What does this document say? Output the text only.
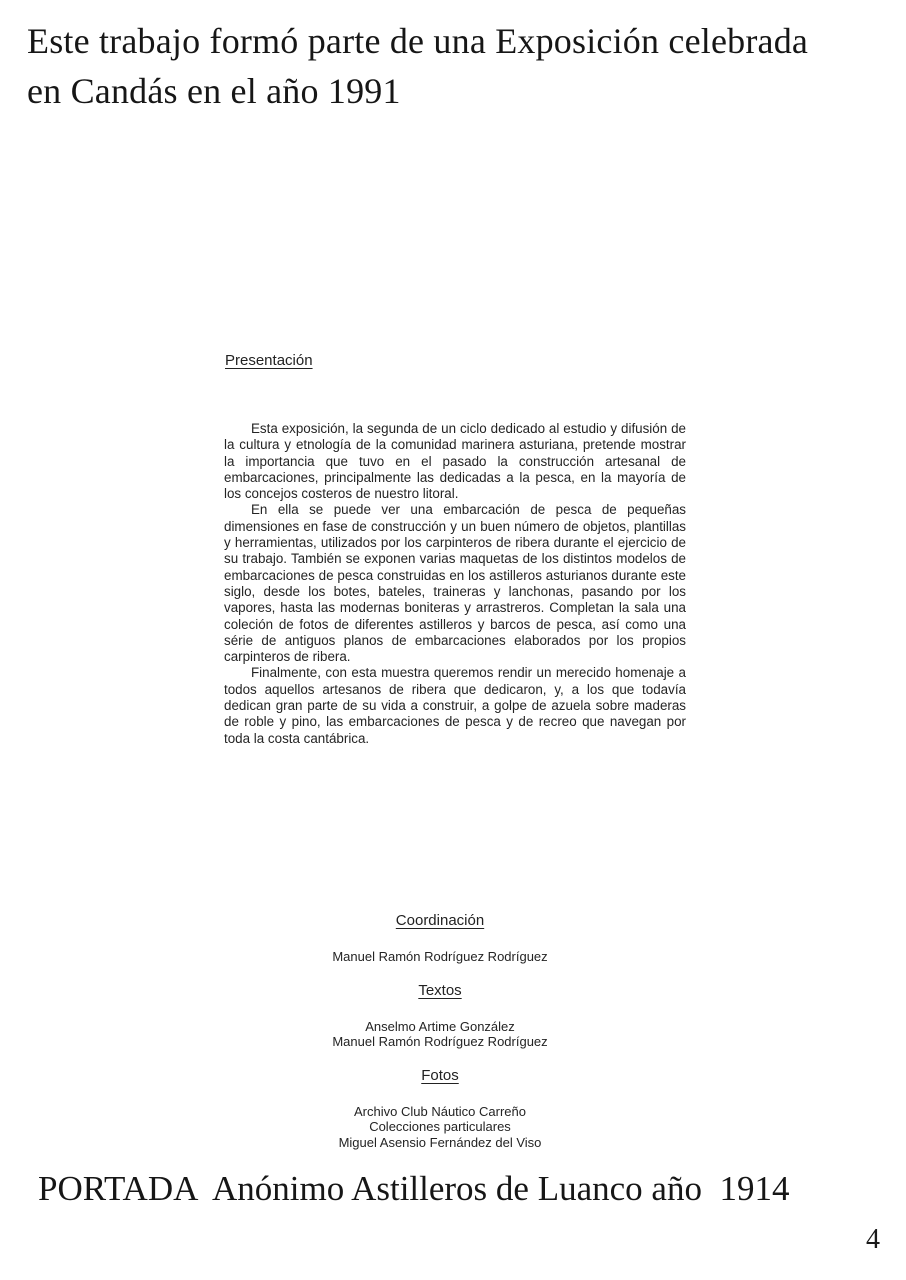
Este trabajo formó parte de una Exposición celebrada
en Candás en el año 1991
Presentación

Esta exposición, la segunda de un ciclo dedicado al estudio y difusión de la cultura y etnología de la comunidad marinera asturiana, pretende mostrar la importancia que tuvo en el pasado la construcción artesanal de embarcaciones, principalmente las dedicadas a la pesca, en la mayoría de los concejos costeros de nuestro litoral.

En ella se puede ver una embarcación de pesca de pequeñas dimensiones en fase de construcción y un buen número de objetos, plantillas y herramientas, utilizados por los carpinteros de ribera durante el ejercicio de su trabajo. También se exponen varias maquetas de los distintos modelos de embarcaciones de pesca construidas en los astilleros asturianos durante este siglo, desde los botes, bateles, traineras y lanchonas, pasando por los vapores, hasta las modernas boniteras y arrastreros. Completan la sala una coleción de fotos de diferentes astilleros y barcos de pesca, así como una série de antiguos planos de embarcaciones elaborados por los propios carpinteros de ribera.

Finalmente, con esta muestra queremos rendir un merecido homenaje a todos aquellos artesanos de ribera que dedicaron, y, a los que todavía dedican gran parte de su vida a construir, a golpe de azuela sobre maderas de roble y pino, las embarcaciones de pesca y de recreo que navegan por toda la costa cantábrica.

Coordinación
Manuel Ramón Rodríguez Rodríguez
Textos
Anselmo Artime González
Manuel Ramón Rodríguez Rodríguez
Fotos
Archivo Club Náutico Carreño
Colecciones particulares
Miguel Asensio Fernández del Viso
PORTADA  Anónimo Astilleros de Luanco año  1914
4
